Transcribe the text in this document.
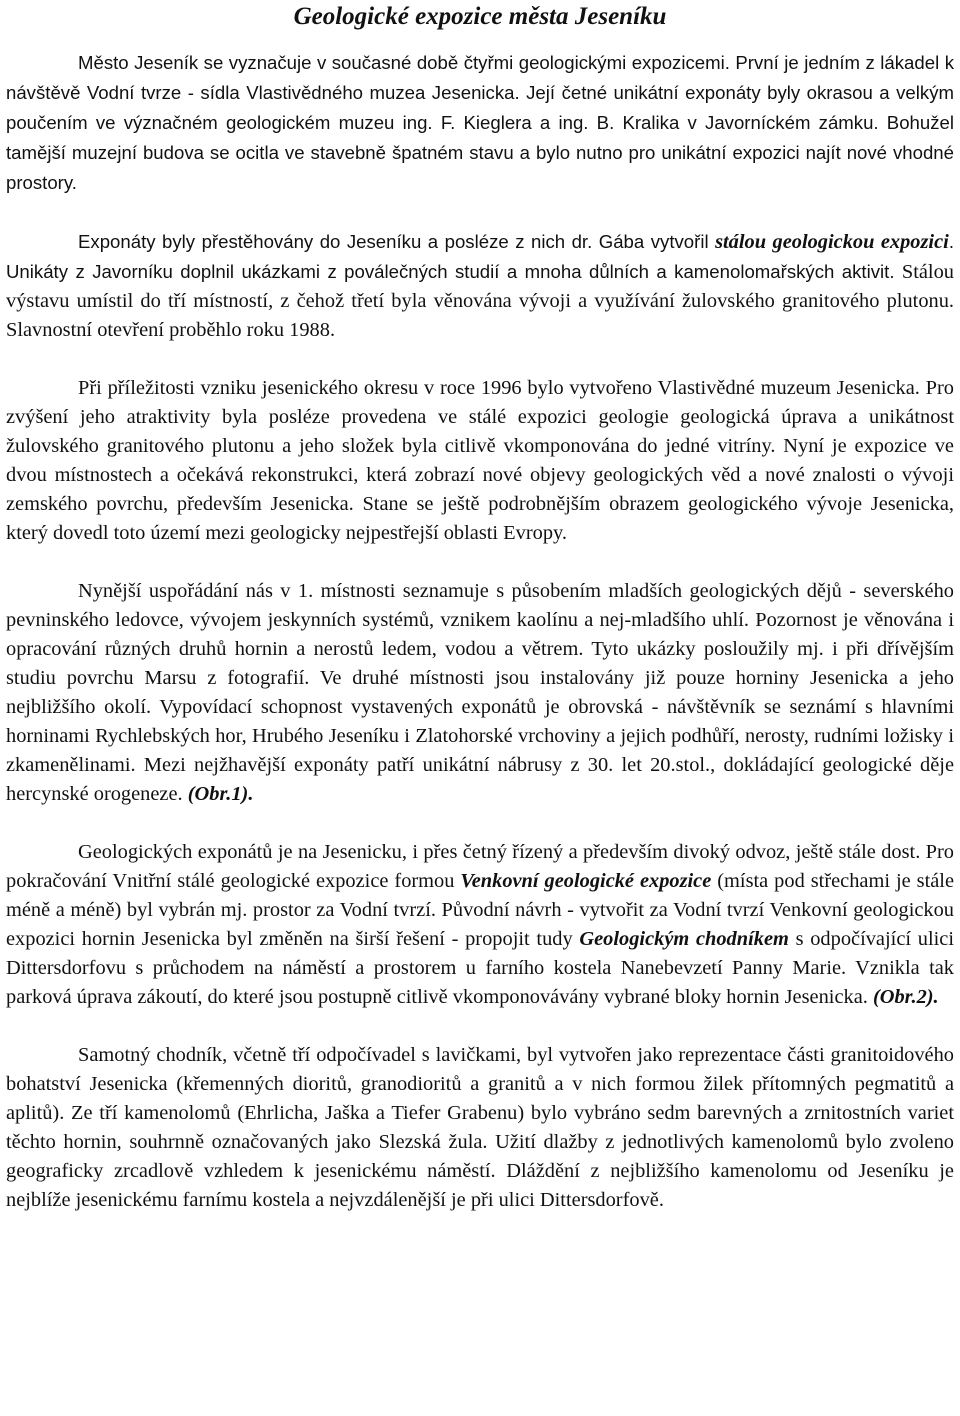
Geologické expozice města Jeseníku

Město Jeseník se vyznačuje v současné době čtyřmi geologickými expozicemi. První je jedním z lákadel k návštěvě Vodní tvrze - sídla Vlastivědného muzea Jesenicka. Její četné unikátní exponáty byly okrasou a velkým poučením ve význačném geologickém muzeu ing. F. Kieglera a ing. B. Kralika v Javorníckém zámku. Bohužel tamější muzejní budova se ocitla ve stavebně špatném stavu a bylo nutno pro unikátní expozici najít nové vhodné prostory.

Exponáty byly přestěhovány do Jeseníku a posléze z nich dr. Gába vytvořil stálou geologickou expozici. Unikáty z Javorníku doplnil ukázkami z poválečných studií a mnoha důlních a kamenolomařských aktivit. Stálou výstavu umístil do tří místností, z čehož třetí byla věnována vývoji a využívání žulovského granitového plutonu. Slavnostní otevření proběhlo roku 1988.

Při příležitosti vzniku jesenického okresu v roce 1996 bylo vytvořeno Vlastivědné muzeum Jesenicka. Pro zvýšení jeho atraktivity byla posléze provedena ve stálé expozici geologie geologická úprava a unikátnost žulovského granitového plutonu a jeho složek byla citlivě vkomponována do jedné vitríny. Nyní je expozice ve dvou místnostech a očekává rekonstrukci, která zobrazí nové objevy geologických věd a nové znalosti o vývoji zemského povrchu, především Jesenicka. Stane se ještě podrobnějším obrazem geologického vývoje Jesenicka, který dovedl toto území mezi geologicky nejpestřejší oblasti Evropy.

Nynější uspořádání nás v 1. místnosti seznamuje s působením mladších geologických dějů - severského pevninského ledovce, vývojem jeskynních systémů, vznikem kaolínu a nej-mladšího uhlí. Pozornost je věnována i opracování různých druhů hornin a nerostů ledem, vodou a větrem. Tyto ukázky posloužily mj. i při dřívějším studiu povrchu Marsu z fotografií. Ve druhé místnosti jsou instalovány již pouze horniny Jesenicka a jeho nejbližšího okolí. Vypovídací schopnost vystavených exponátů je obrovská - návštěvník se seznámí s hlavními horninami Rychlebských hor, Hrubého Jeseníku i Zlatohorské vrchoviny a jejich podhůří, nerosty, rudními ložisky i zkamenělinami. Mezi nejžhavější exponáty patří unikátní nábrusy z 30. let 20.stol., dokládající geologické děje hercynské orogeneze. (Obr.1).

Geologických exponátů je na Jesenicku, i přes četný řízený a především divoký odvoz, ještě stále dost. Pro pokračování Vnitřní stálé geologické expozice formou Venkovní geologické expozice (místa pod střechami je stále méně a méně) byl vybrán mj. prostor za Vodní tvrzí. Původní návrh - vytvořit za Vodní tvrzí Venkovní geologickou expozici hornin Jesenicka byl změněn na širší řešení - propojit tudy Geologickým chodníkem s odpočívající ulici Dittersdorfovu s průchodem na náměstí a prostorem u farního kostela Nanebevzetí Panny Marie. Vznikla tak parková úprava zákoutí, do které jsou postupně citlivě vkomponovávány vybrané bloky hornin Jesenicka. (Obr.2).

Samotný chodník, včetně tří odpočívadel s lavičkami, byl vytvořen jako reprezentace části granitoidového bohatství Jesenicka (křemenných dioritů, granodioritů a granitů a v nich formou žilek přítomných pegmatitů a aplitů). Ze tří kamenolomů (Ehrlicha, Jaška a Tiefer Grabenu) bylo vybráno sedm barevných a zrnitostních variet těchto hornin, souhrnně označovaných jako Slezská žula. Užití dlažby z jednotlivých kamenolomů bylo zvoleno geograficky zrcadlově vzhledem k jesenickému náměstí. Dláždění z nejbližšího kamenolomu od Jeseníku je nejblíže jesenickému farnímu kostela a nejvzdálenější je při ulici Dittersdorfově.
